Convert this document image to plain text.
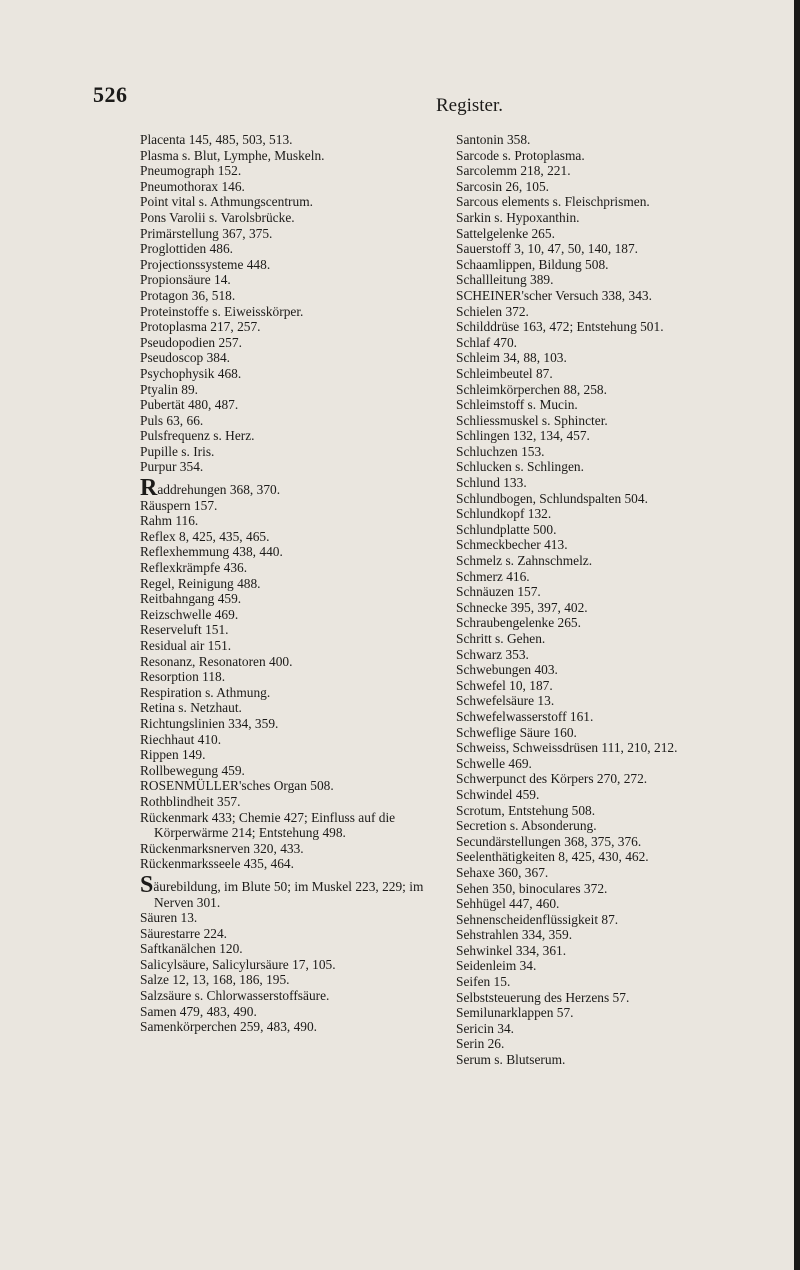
526	Register.
Placenta 145, 485, 503, 513.
Plasma s. Blut, Lymphe, Muskeln.
Pneumograph 152.
Pneumothorax 146.
Point vital s. Athmungscentrum.
Pons Varolii s. Varolsbrücke.
Primärstellung 367, 375.
Proglottiden 486.
Projectionssysteme 448.
Propionsäure 14.
Protagon 36, 518.
Proteinstoffe s. Eiweisskörper.
Protoplasma 217, 257.
Pseudopodien 257.
Pseudoscop 384.
Psychophysik 468.
Ptyalin 89.
Pubertät 480, 487.
Puls 63, 66.
Pulsfrequenz s. Herz.
Pupille s. Iris.
Purpur 354.
Raddrehungen 368, 370.
Räuspern 157.
Rahm 116.
Reflex 8, 425, 435, 465.
Reflexhemmung 438, 440.
Reflexkrämpfe 436.
Regel, Reinigung 488.
Reitbahngang 459.
Reizschwelle 469.
Reserveluft 151.
Residual air 151.
Resonanz, Resonatoren 400.
Resorption 118.
Respiration s. Athmung.
Retina s. Netzhaut.
Richtungslinien 334, 359.
Riechhaut 410.
Rippen 149.
Rollbewegung 459.
ROSENMÜLLER'sches Organ 508.
Rothblindheit 357.
Rückenmark 433; Chemie 427; Einfluss auf die Körperwärme 214; Entstehung 498.
Rückenmarksnerven 320, 433.
Rückenmarksseele 435, 464.
Säurebildung, im Blute 50; im Muskel 223, 229; im Nerven 301.
Säuren 13.
Säurestarre 224.
Saftkanälchen 120.
Salicylsäure, Salicylursäure 17, 105.
Salze 12, 13, 168, 186, 195.
Salzsäure s. Chlorwasserstoffsäure.
Samen 479, 483, 490.
Samenkörperchen 259, 483, 490.
Santonin 358.
Sarcode s. Protoplasma.
Sarcolemm 218, 221.
Sarcosin 26, 105.
Sarcous elements s. Fleischprismen.
Sarkin s. Hypoxanthin.
Sattelgelenke 265.
Sauerstoff 3, 10, 47, 50, 140, 187.
Schaamlippen, Bildung 508.
Schallleitung 389.
SCHEINER'scher Versuch 338, 343.
Schielen 372.
Schilddrüse 163, 472; Entstehung 501.
Schlaf 470.
Schleim 34, 88, 103.
Schleimbeutel 87.
Schleimkörperchen 88, 258.
Schleimstoff s. Mucin.
Schliessmuskel s. Sphincter.
Schlingen 132, 134, 457.
Schluchzen 153.
Schlucken s. Schlingen.
Schlund 133.
Schlundbogen, Schlundspalten 504.
Schlundkopf 132.
Schlundplatte 500.
Schmeckbecher 413.
Schmelz s. Zahnschmelz.
Schmerz 416.
Schnäuzen 157.
Schnecke 395, 397, 402.
Schraubengelenke 265.
Schritt s. Gehen.
Schwarz 353.
Schwebungen 403.
Schwefel 10, 187.
Schwefelsäure 13.
Schwefelwasserstoff 161.
Schweflige Säure 160.
Schweiss, Schweissdrüsen 111, 210, 212.
Schwelle 469.
Schwerpunct des Körpers 270, 272.
Schwindel 459.
Scrotum, Entstehung 508.
Secretion s. Absonderung.
Secundärstellungen 368, 375, 376.
Seelenthätigkeiten 8, 425, 430, 462.
Sehaxe 360, 367.
Sehen 350, binoculares 372.
Sehhügel 447, 460.
Sehnenscheidenflüssigkeit 87.
Sehstrahlen 334, 359.
Sehwinkel 334, 361.
Seidenleim 34.
Seifen 15.
Selbststeuerung des Herzens 57.
Semilunarklappen 57.
Sericin 34.
Serin 26.
Serum s. Blutserum.
